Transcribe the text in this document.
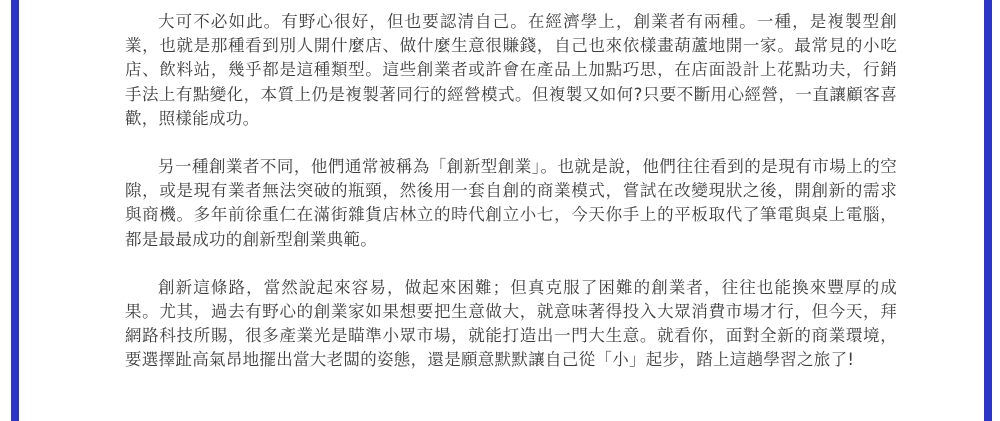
大可不必如此。有野心很好，但也要認清自己。在經濟學上，創業者有兩種。一種，是複製型創業，也就是那種看到別人開什麼店、做什麼生意很賺錢，自己也來依樣畫葫蘆地開一家。最常見的小吃店、飲料站，幾乎都是這種類型。這些創業者或許會在產品上加點巧思，在店面設計上花點功夫，行銷手法上有點變化，本質上仍是複製著同行的經營模式。但複製又如何?只要不斷用心經營，一直讓顧客喜歡，照樣能成功。

另一種創業者不同，他們通常被稱為「創新型創業」。也就是說，他們往往看到的是現有市場上的空隙，或是現有業者無法突破的瓶頸，然後用一套自創的商業模式，嘗試在改變現狀之後，開創新的需求與商機。多年前徐重仁在滿街雜貨店林立的時代創立小七，今天你手上的平板取代了筆電與桌上電腦，都是最最成功的創新型創業典範。

創新這條路，當然說起來容易，做起來困難；但真克服了困難的創業者，往往也能換來豐厚的成果。尤其，過去有野心的創業家如果想要把生意做大，就意味著得投入大眾消費市場才行，但今天，拜網路科技所賜，很多產業光是瞄準小眾市場，就能打造出一門大生意。就看你，面對全新的商業環境，要選擇趾高氣昂地擺出當大老闆的姿態，還是願意默默讓自己從「小」起步，踏上這趟學習之旅了!
